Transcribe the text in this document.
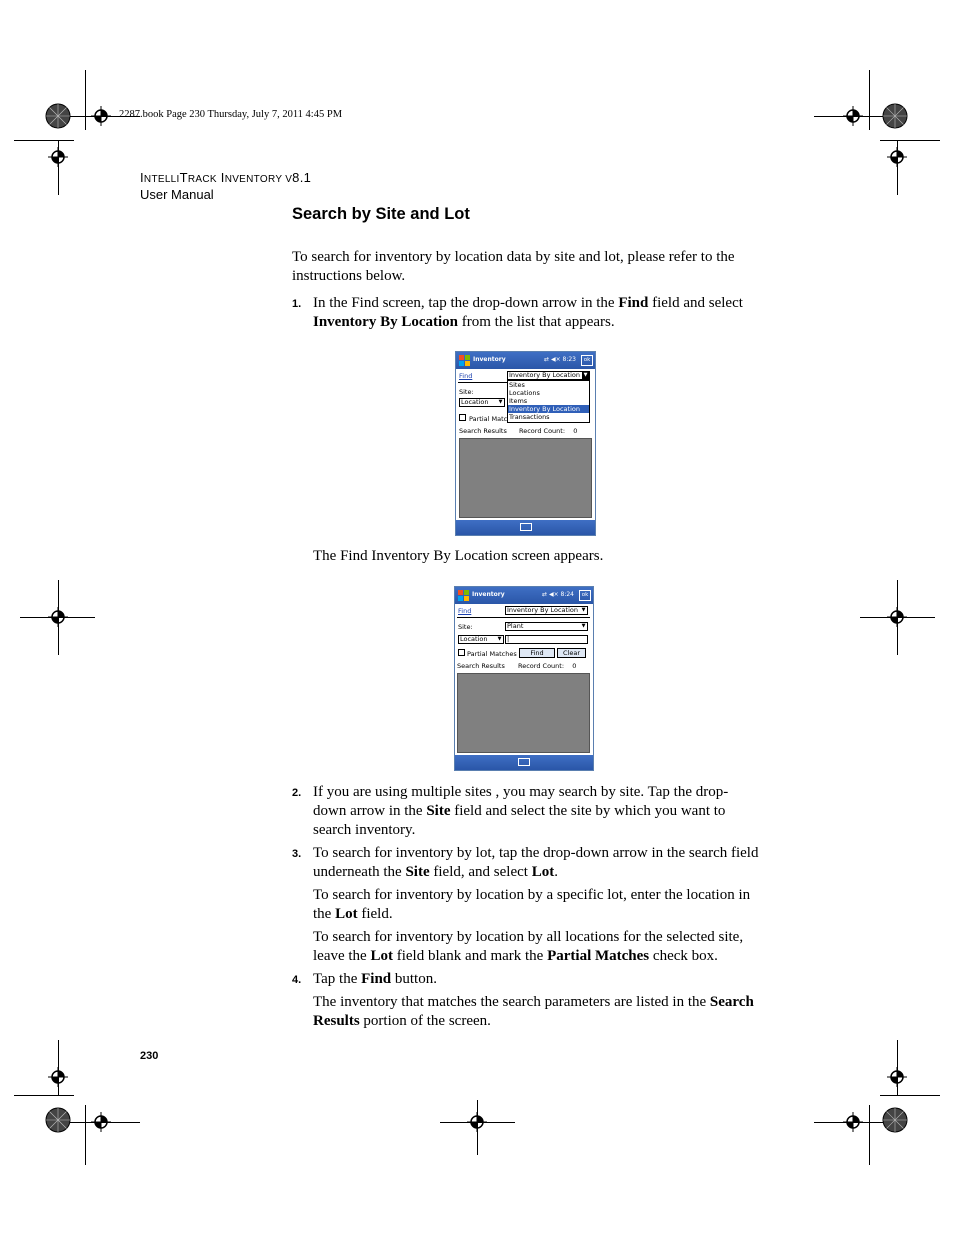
2287.book Page 230 Thursday, July 7, 2011 4:45 PM
INTELLITRACK INVENTORY V8.1
User Manual
Search by Site and Lot
To search for inventory by location data by site and lot, please refer to the instructions below.
1. In the Find screen, tap the drop-down arrow in the Find field and select Inventory By Location from the list that appears.
Inventory	⇄ ◀× 8:23	ok
Find	Inventory By Location ▼
Site:
Location	▼
Partial Matc
Sites
Locations
Items
Inventory By Location
Transactions
Search Results Record Count: 0
The Find Inventory By Location screen appears.
Inventory	⇄ ◀× 8:24	ok
Find	Inventory By Location ▼
Site:	Plant	▼
Location	▼ |
Partial Matches	Find	Clear
Search Results Record Count: 0
2. If you are using multiple sites , you may search by site. Tap the drop-down arrow in the Site field and select the site by which you want to search inventory.
3. To search for inventory by lot, tap the drop-down arrow in the search field underneath the Site field, and select Lot.
To search for inventory by location by a specific lot, enter the location in the Lot field.
To search for inventory by location by all locations for the selected site, leave the Lot field blank and mark the Partial Matches check box.
4. Tap the Find button.
The inventory that matches the search parameters are listed in the Search Results portion of the screen.
230
